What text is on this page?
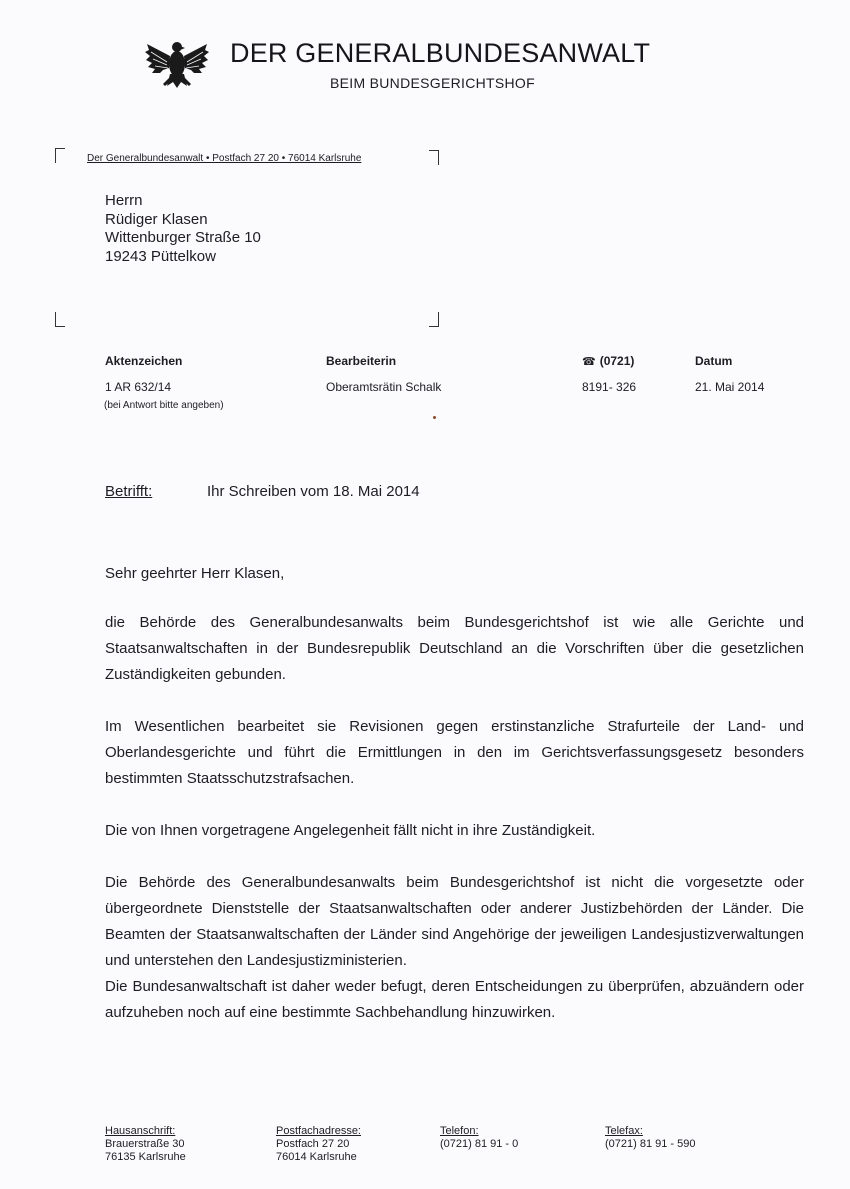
DER GENERALBUNDESANWALT
BEIM BUNDESGERICHTSHOF
Der Generalbundesanwalt • Postfach 27 20 • 76014 Karlsruhe
Herrn
Rüdiger Klasen
Wittenburger Straße 10
19243 Püttelkow
Aktenzeichen
1 AR 632/14
(bei Antwort bitte angeben)
Bearbeiterin
Oberamtsrätin Schalk
☎ (0721)
8191- 326
Datum
21. Mai 2014
Betrifft:	Ihr Schreiben vom 18. Mai 2014
Sehr geehrter Herr Klasen,
die Behörde des Generalbundesanwalts beim Bundesgerichtshof ist wie alle Gerichte und Staatsanwaltschaften in der Bundesrepublik Deutschland an die Vorschriften über die gesetzlichen Zuständigkeiten gebunden.
Im Wesentlichen bearbeitet sie Revisionen gegen erstinstanzliche Strafurteile der Land- und Oberlandesgerichte und führt die Ermittlungen in den im Gerichtsverfassungsgesetz besonders bestimmten Staatsschutzstrafsachen.
Die von Ihnen vorgetragene Angelegenheit fällt nicht in ihre Zuständigkeit.
Die Behörde des Generalbundesanwalts beim Bundesgerichtshof ist nicht die vorgesetzte oder übergeordnete Dienststelle der Staatsanwaltschaften oder anderer Justizbehörden der Länder. Die Beamten der Staatsanwaltschaften der Länder sind Angehörige der jeweiligen Landesjustizverwaltungen und unterstehen den Landesjustizministerien.
Die Bundesanwaltschaft ist daher weder befugt, deren Entscheidungen zu überprüfen, abzuändern oder aufzuheben noch auf eine bestimmte Sachbehandlung hinzuwirken.
Hausanschrift:
Brauerstraße 30
76135 Karlsruhe
Postfachadresse:
Postfach 27 20
76014 Karlsruhe
Telefon:
(0721) 81 91 - 0
Telefax:
(0721) 81 91 - 590
